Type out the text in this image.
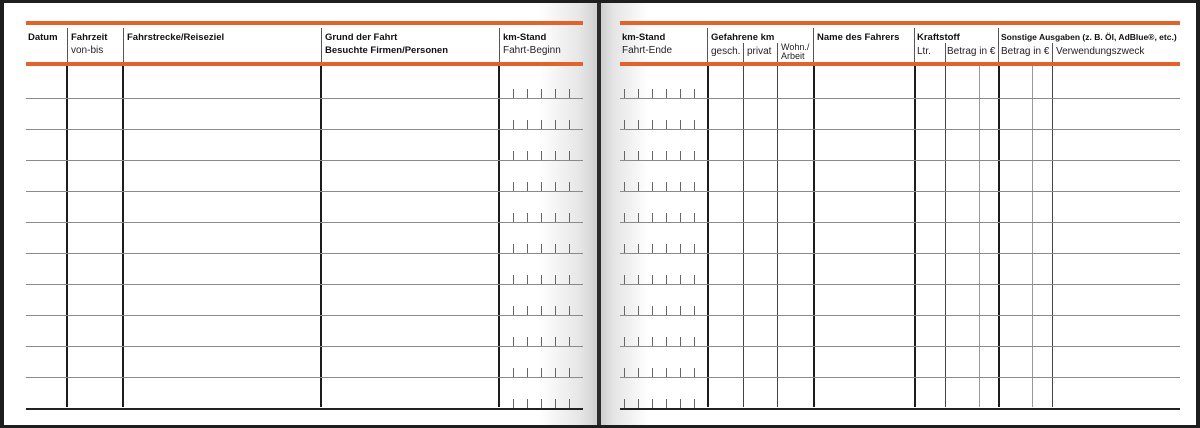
Datum Fahrzeit
von-bis
Fahrstrecke/Reiseziel	Grund der Fahrt
Besuchte Firmen/Personen
km-Stand
Fahrt-Beginn
km-Stand
Fahrt-Ende
Gefahrene km
gesch. privat Wohn./
Arbeit
Name des Fahrers Kraftstoff
Ltr. Betrag in €
Sonstige Ausgaben (z. B. Öl, AdBlue®, etc.)
Betrag in € Verwendungszweck
